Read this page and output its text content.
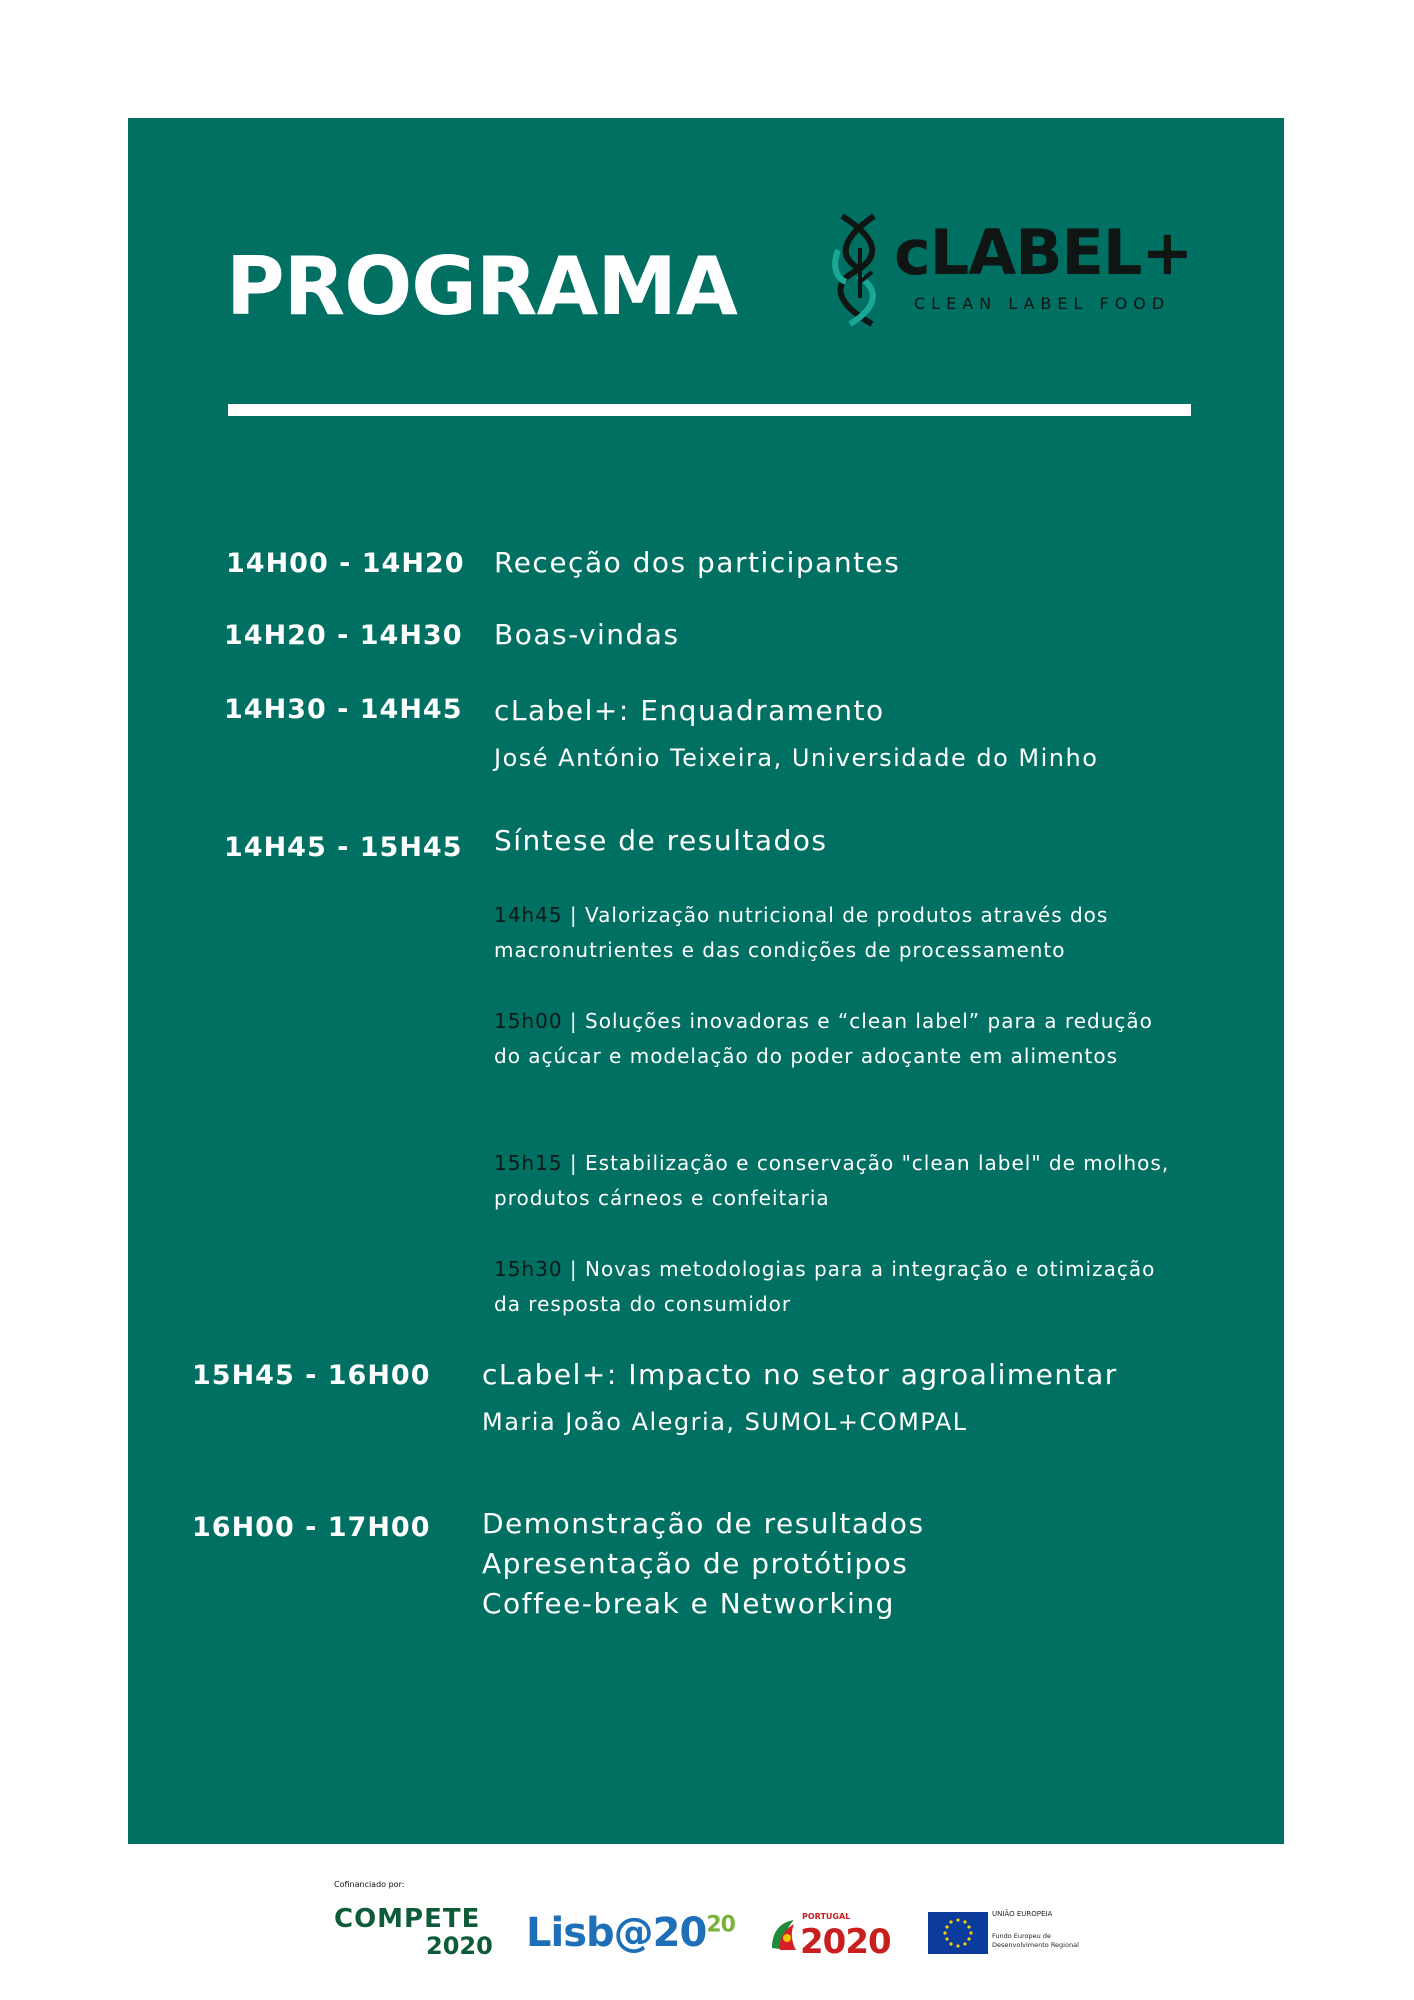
PROGRAMA	cLABEL+

CLEAN LABEL FOOD

14H00 - 14H20 Receção dos participantes

14H20 - 14H30 Boas-vindas

14H30 - 14H45 cLabel+: Enquadramento

José António Teixeira, Universidade do Minho

14H45 - 15H45 Síntese de resultados

14h45 | Valorização nutricional de produtos através dos macronutrientes e das condições de processamento

15h00 | Soluções inovadoras e “clean label” para a redução do açúcar e modelação do poder adoçante em alimentos

15h15 | Estabilização e conservação "clean label" de molhos, produtos cárneos e confeitaria

15h30 | Novas metodologias para a integração e otimização da resposta do consumidor

15H45 - 16H00 cLabel+: Impacto no setor agroalimentar

Maria João Alegria, SUMOL+COMPAL

16H00 - 17H00 Demonstração de resultados

Apresentação de protótipos

Coffee-break e Networking

Cofinanciado por:

COMPETE

2020 $Lisb@20^{20}$	PORTUGAL

2020

UNIÃO EUROPEIA

Fundo Europeu de Desenvolvimento Regional
